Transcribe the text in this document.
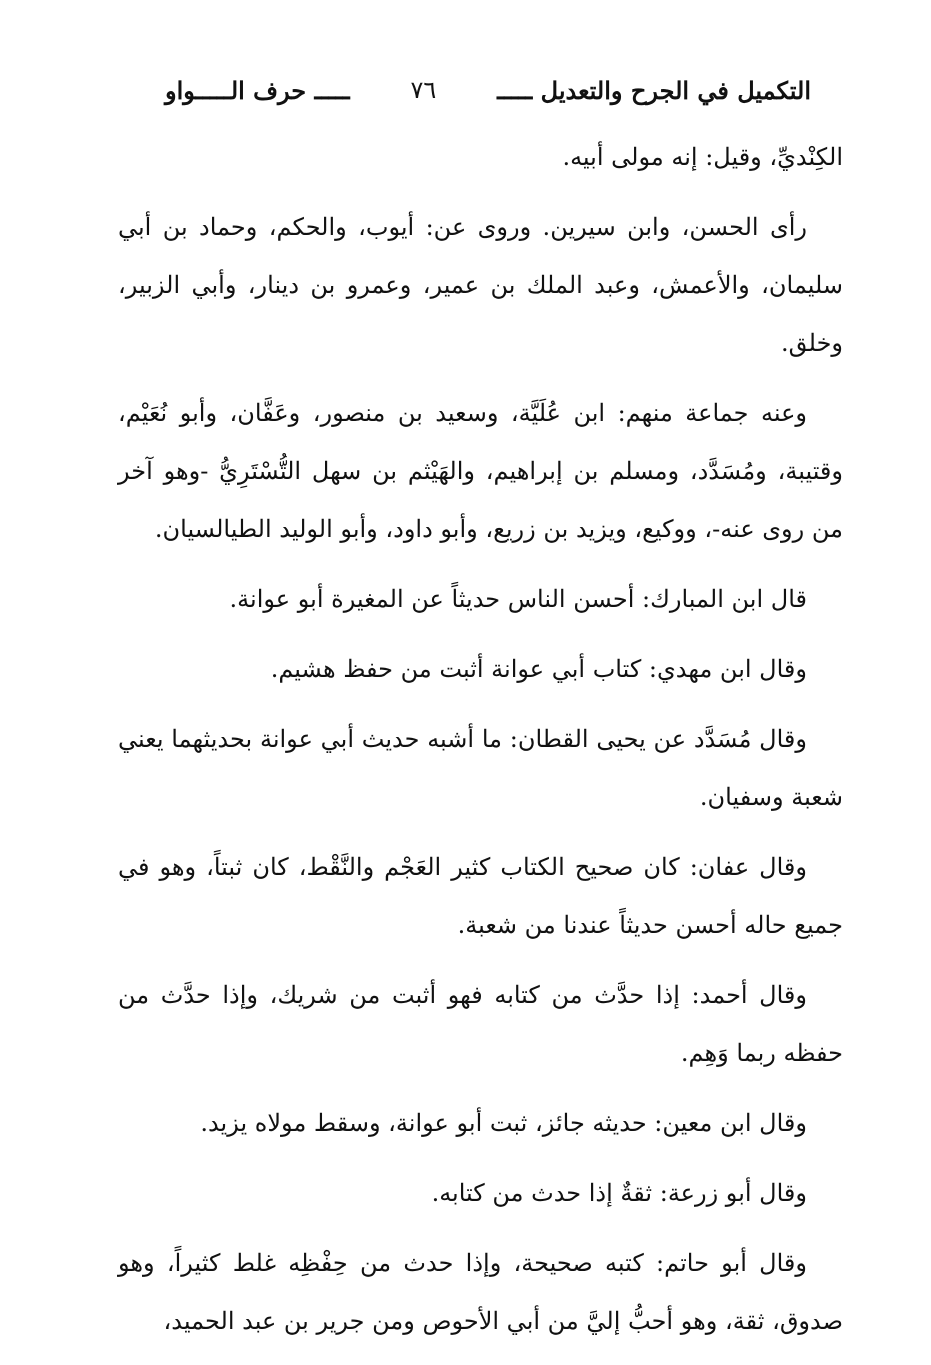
التكميل في الجرح والتعديل ـــــ
٧٦
ـــــ حرف الـــــواو

الكِنْديِّ، وقيل: إنه مولى أبيه.

رأى الحسن، وابن سيرين. وروى عن: أيوب، والحكم، وحماد بن أبي سليمان، والأعمش، وعبد الملك بن عمير، وعمرو بن دينار، وأبي الزبير، وخلق.

وعنه جماعة منهم: ابن عُلَيَّة، وسعيد بن منصور، وعَفَّان، وأبو نُعَيْم، وقتيبة، ومُسَدَّد، ومسلم بن إبراهيم، والهَيْثم بن سهل التُّسْتَرِيُّ -وهو آخر من روى عنه-، ووكيع، ويزيد بن زريع، وأبو داود، وأبو الوليد الطيالسيان.

قال ابن المبارك: أحسن الناس حديثاً عن المغيرة أبو عوانة.

وقال ابن مهدي: كتاب أبي عوانة أثبت من حفظ هشيم.

وقال مُسَدَّد عن يحيى القطان: ما أشبه حديث أبي عوانة بحديثهما يعني شعبة وسفيان.

وقال عفان: كان صحيح الكتاب كثير العَجْم والنَّقْط، كان ثبتاً، وهو في جميع حاله أحسن حديثاً عندنا من شعبة.

وقال أحمد: إذا حدَّث من كتابه فهو أثبت من شريك، وإذا حدَّث من حفظه ربما وَهِم.

وقال ابن معين: حديثه جائز، ثبت أبو عوانة، وسقط مولاه يزيد.

وقال أبو زرعة: ثقةٌ إذا حدث من كتابه.

وقال أبو حاتم: كتبه صحيحة، وإذا حدث من حِفْظِه غلط كثيراً، وهو صدوق، ثقة، وهو أحبُّ إليَّ من أبي الأحوص ومن جرير بن عبد الحميد،
